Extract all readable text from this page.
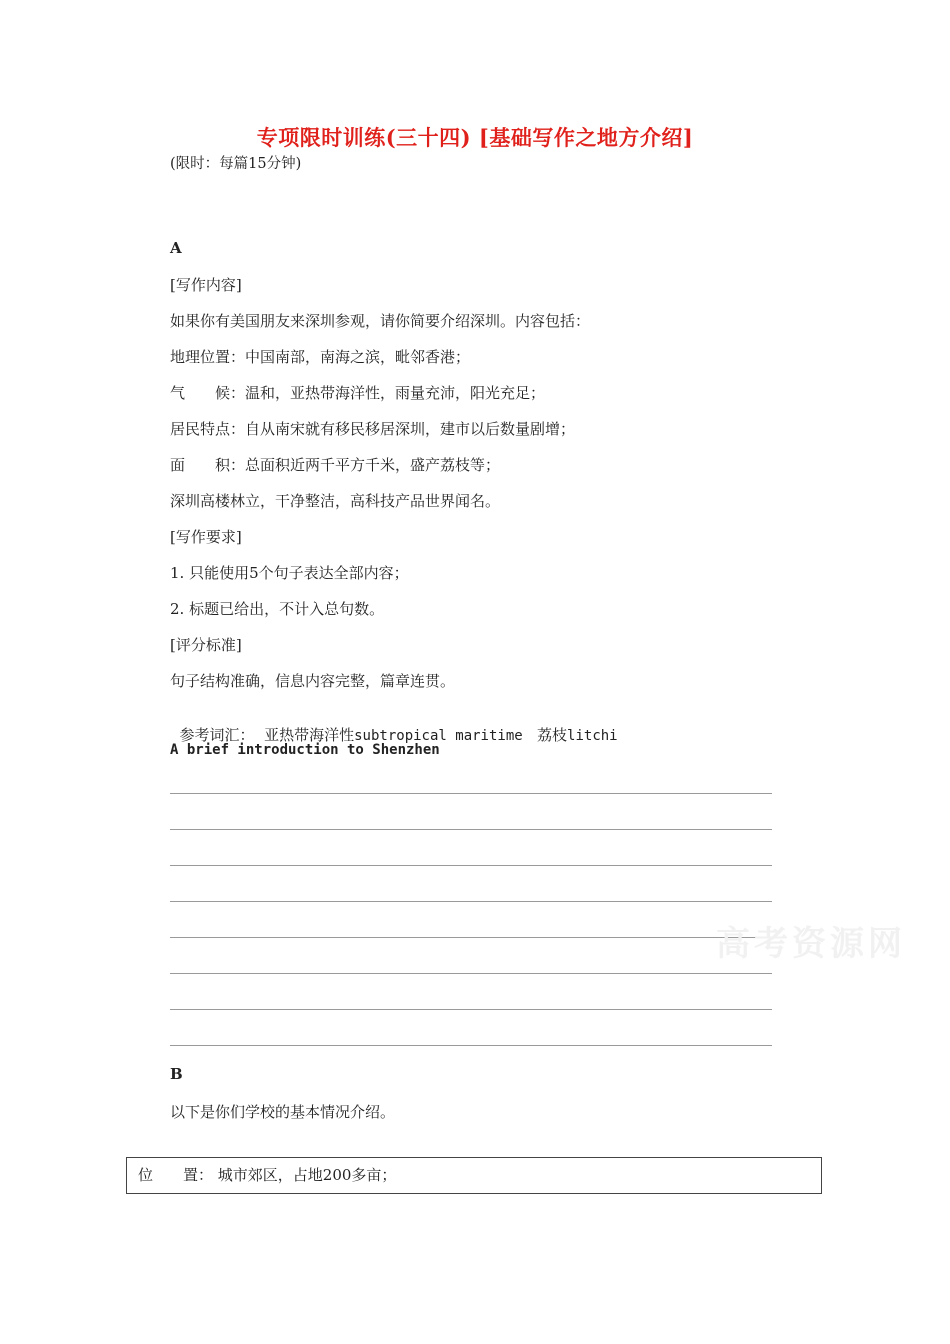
专项限时训练(三十四) [基础写作之地方介绍]
(限时：每篇15分钟)
A
[写作内容]
如果你有美国朋友来深圳参观，请你简要介绍深圳。内容包括：
地理位置：中国南部，南海之滨，毗邻香港；
气　　候：温和，亚热带海洋性，雨量充沛，阳光充足；
居民特点：自从南宋就有移民移居深圳，建市以后数量剧增；
面　　积：总面积近两千平方千米，盛产荔枝等；
深圳高楼林立，干净整洁，高科技产品世界闻名。
[写作要求]
1. 只能使用5个句子表达全部内容；
2. 标题已给出，不计入总句数。
[评分标准]
句子结构准确，信息内容完整，篇章连贯。

参考词汇： 亚热带海洋性subtropical maritime 荔枝litchi

A brief introduction to Shenzhen
高考资源网
B
以下是你们学校的基本情况介绍。
位　　置： 城市郊区，占地200多亩；
